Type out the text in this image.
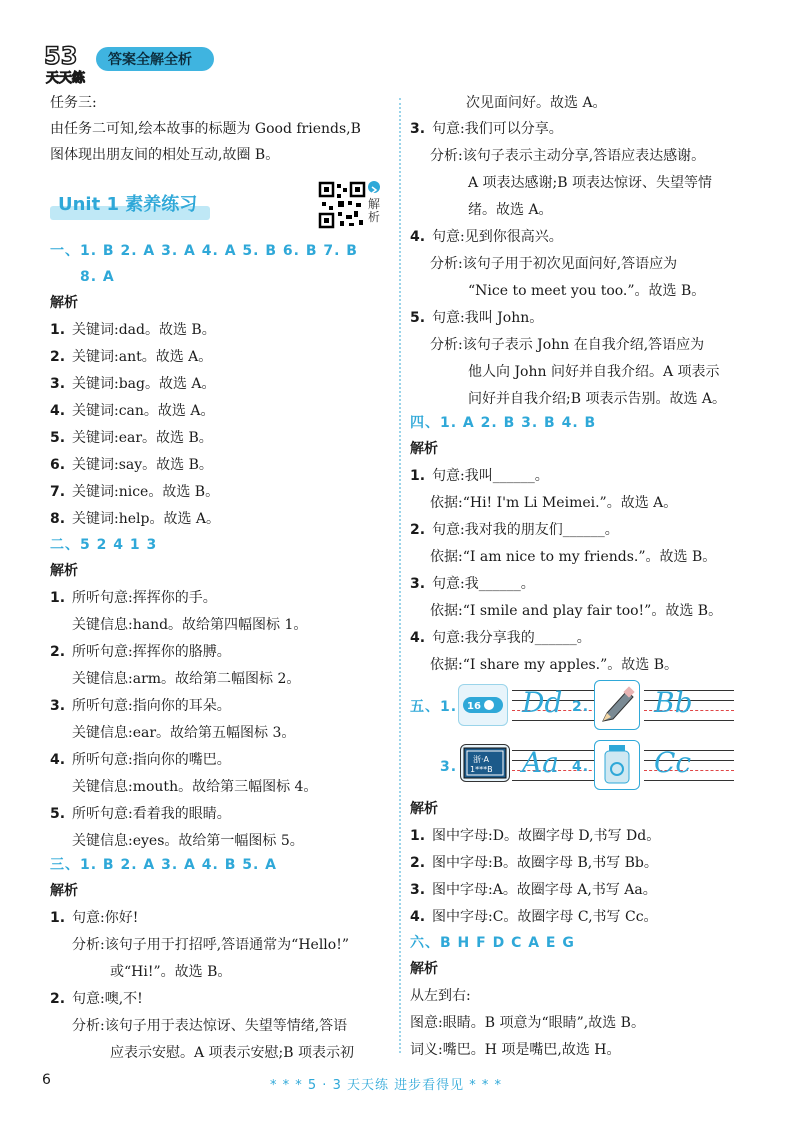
53
天天练
答案全解全析
任务三:
由任务二可知,绘本故事的标题为 Good friends,B
图体现出朋友间的相处互动,故圈 B。
Unit 1 素养练习	解析
一、1. B 2. A 3. A 4. A 5. B 6. B 7. B
8. A
解析
1. 关键词:dad。故选 B。
2. 关键词:ant。故选 A。
3. 关键词:bag。故选 A。
4. 关键词:can。故选 A。
5. 关键词:ear。故选 B。
6. 关键词:say。故选 B。
7. 关键词:nice。故选 B。
8. 关键词:help。故选 A。
二、5 2 4 1 3
解析
1. 所听句意:挥挥你的手。
关键信息:hand。故给第四幅图标 1。
2. 所听句意:挥挥你的胳膊。
关键信息:arm。故给第二幅图标 2。
3. 所听句意:指向你的耳朵。
关键信息:ear。故给第五幅图标 3。
4. 所听句意:指向你的嘴巴。
关键信息:mouth。故给第三幅图标 4。
5. 所听句意:看着我的眼睛。
关键信息:eyes。故给第一幅图标 5。
三、1. B 2. A 3. A 4. B 5. A
解析
1. 句意:你好!
分析:该句子用于打招呼,答语通常为“Hello!”
或“Hi!”。故选 B。
2. 句意:噢,不!
分析:该句子用于表达惊讶、失望等情绪,答语
应表示安慰。A 项表示安慰;B 项表示初
次见面问好。故选 A。
3. 句意:我们可以分享。
分析:该句子表示主动分享,答语应表达感谢。
A 项表达感谢;B 项表达惊讶、失望等情
绪。故选 A。
4. 句意:见到你很高兴。
分析:该句子用于初次见面问好,答语应为
“Nice to meet you too.”。故选 B。
5. 句意:我叫 John。
分析:该句子表示 John 在自我介绍,答语应为
他人向 John 问好并自我介绍。A 项表示
问好并自我介绍;B 项表示告别。故选 A。
四、1. A 2. B 3. B 4. B
解析
1. 句意:我叫______。
依据:“Hi! I'm Li Meimei.”。故选 A。
2. 句意:我对我的朋友们______。
依据:“I am nice to my friends.”。故选 B。
3. 句意:我______。
依据:“I smile and play fair too!”。故选 B。
4. 句意:我分享我的______。
依据:“I share my apples.”。故选 B。
五、1. 16 Dd 2. Bb
3. 浙·A
1***B Aa 4. Cc
解析
1. 图中字母:D。故圈字母 D,书写 Dd。
2. 图中字母:B。故圈字母 B,书写 Bb。
3. 图中字母:A。故圈字母 A,书写 Aa。
4. 图中字母:C。故圈字母 C,书写 Cc。
六、B H F D C A E G
解析
从左到右:
图意:眼睛。B 项意为“眼睛”,故选 B。
词义:嘴巴。H 项是嘴巴,故选 H。
6	* * * 5 · 3 天天练 进步看得见 * * *
